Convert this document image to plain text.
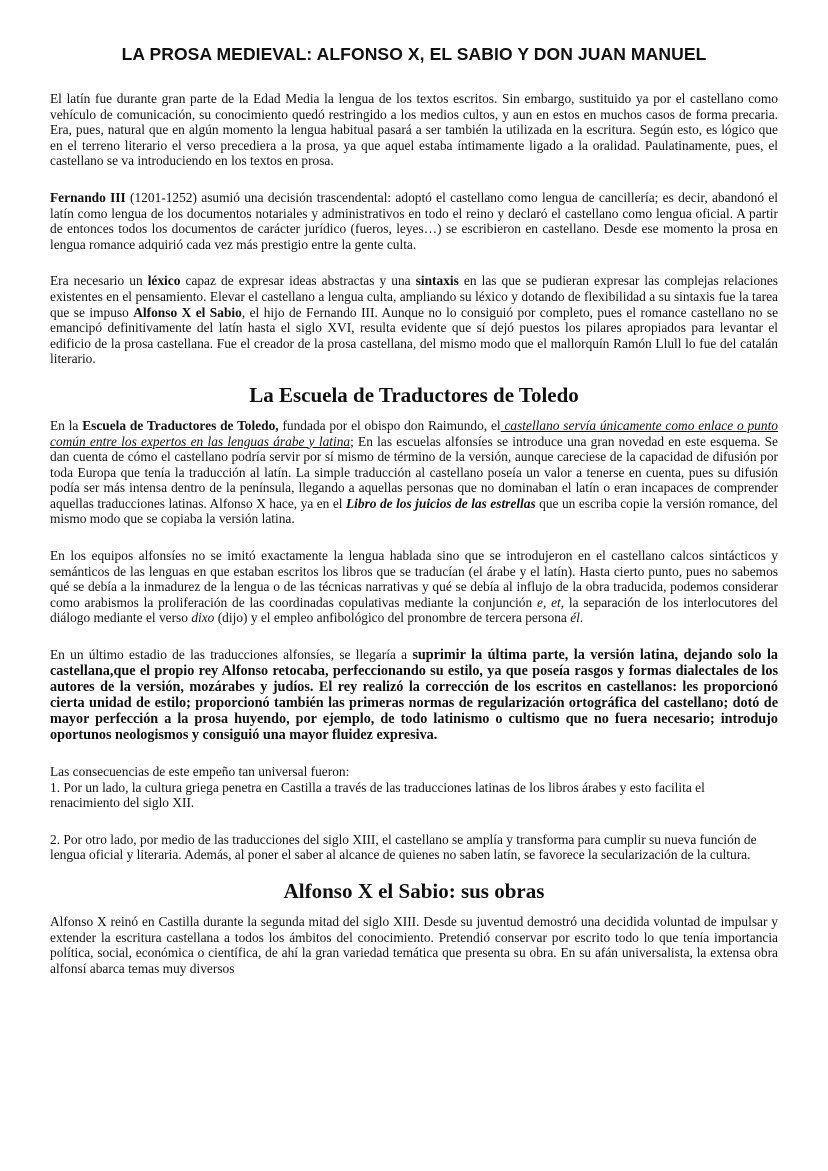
LA PROSA MEDIEVAL: ALFONSO X, EL SABIO Y DON JUAN MANUEL

El latín fue durante gran parte de la Edad Media la lengua de los textos escritos. Sin embargo, sustituido ya por el castellano como vehículo de comunicación, su conocimiento quedó restringido a los medios cultos, y aun en estos en muchos casos de forma precaria. Era, pues, natural que en algún momento la lengua habitual pasará a ser también la utilizada en la escritura. Según esto, es lógico que en el terreno literario el verso precediera a la prosa, ya que aquel estaba íntimamente ligado a la oralidad. Paulatinamente, pues, el castellano se va introduciendo en los textos en prosa.

Fernando III (1201-1252) asumió una decisión trascendental: adoptó el castellano como lengua de cancillería; es decir, abandonó el latín como lengua de los documentos notariales y administrativos en todo el reino y declaró el castellano como lengua oficial. A partir de entonces todos los documentos de carácter jurídico (fueros, leyes…) se escribieron en castellano. Desde ese momento la prosa en lengua romance adquirió cada vez más prestigio entre la gente culta.

Era necesario un léxico capaz de expresar ideas abstractas y una sintaxis en las que se pudieran expresar las complejas relaciones existentes en el pensamiento. Elevar el castellano a lengua culta, ampliando su léxico y dotando de flexibilidad a su sintaxis fue la tarea que se impuso Alfonso X el Sabio, el hijo de Fernando III. Aunque no lo consiguió por completo, pues el romance castellano no se emancipó definitivamente del latín hasta el siglo XVI, resulta evidente que sí dejó puestos los pilares apropiados para levantar el edificio de la prosa castellana. Fue el creador de la prosa castellana, del mismo modo que el mallorquín Ramón Llull lo fue del catalán literario.

La Escuela de Traductores de Toledo

En la Escuela de Traductores de Toledo, fundada por el obispo don Raimundo, el castellano servía únicamente como enlace o punto común entre los expertos en las lenguas árabe y latina; En las escuelas alfonsíes se introduce una gran novedad en este esquema. Se dan cuenta de cómo el castellano podría servir por sí mismo de término de la versión, aunque careciese de la capacidad de difusión por toda Europa que tenía la traducción al latín. La simple traducción al castellano poseía un valor a tenerse en cuenta, pues su difusión podía ser más intensa dentro de la península, llegando a aquellas personas que no dominaban el latín o eran incapaces de comprender aquellas traducciones latinas. Alfonso X hace, ya en el Libro de los juicios de las estrellas que un escriba copie la versión romance, del mismo modo que se copiaba la versión latina.

En los equipos alfonsíes no se imitó exactamente la lengua hablada sino que se introdujeron en el castellano calcos sintácticos y semánticos de las lenguas en que estaban escritos los libros que se traducían (el árabe y el latín). Hasta cierto punto, pues no sabemos qué se debía a la inmadurez de la lengua o de las técnicas narrativas y qué se debía al influjo de la obra traducida, podemos considerar como arabismos la proliferación de las coordinadas copulativas mediante la conjunción e, et, la separación de los interlocutores del diálogo mediante el verso dixo (dijo) y el empleo anfibológico del pronombre de tercera persona él.

En un último estadio de las traducciones alfonsíes, se llegaría a suprimir la última parte, la versión latina, dejando solo la castellana,que el propio rey Alfonso retocaba, perfeccionando su estilo, ya que poseía rasgos y formas dialectales de los autores de la versión, mozárabes y judíos. El rey realizó la corrección de los escritos en castellanos: les proporcionó cierta unidad de estilo; proporcionó también las primeras normas de regularización ortográfica del castellano; dotó de mayor perfección a la prosa huyendo, por ejemplo, de todo latinismo o cultismo que no fuera necesario; introdujo oportunos neologismos y consiguió una mayor fluidez expresiva.

Las consecuencias de este empeño tan universal fueron:
1. Por un lado, la cultura griega penetra en Castilla a través de las traducciones latinas de los libros árabes y esto facilita el renacimiento del siglo XII.

2. Por otro lado, por medio de las traducciones del siglo XIII, el castellano se amplía y transforma para cumplir su nueva función de lengua oficial y literaria. Además, al poner el saber al alcance de quienes no saben latín, se favorece la secularización de la cultura.

Alfonso X el Sabio: sus obras

Alfonso X reinó en Castilla durante la segunda mitad del siglo XIII. Desde su juventud demostró una decidida voluntad de impulsar y extender la escritura castellana a todos los ámbitos del conocimiento. Pretendió conservar por escrito todo lo que tenía importancia política, social, económica o científica, de ahí la gran variedad temática que presenta su obra. En su afán universalista, la extensa obra alfonsí abarca temas muy diversos
